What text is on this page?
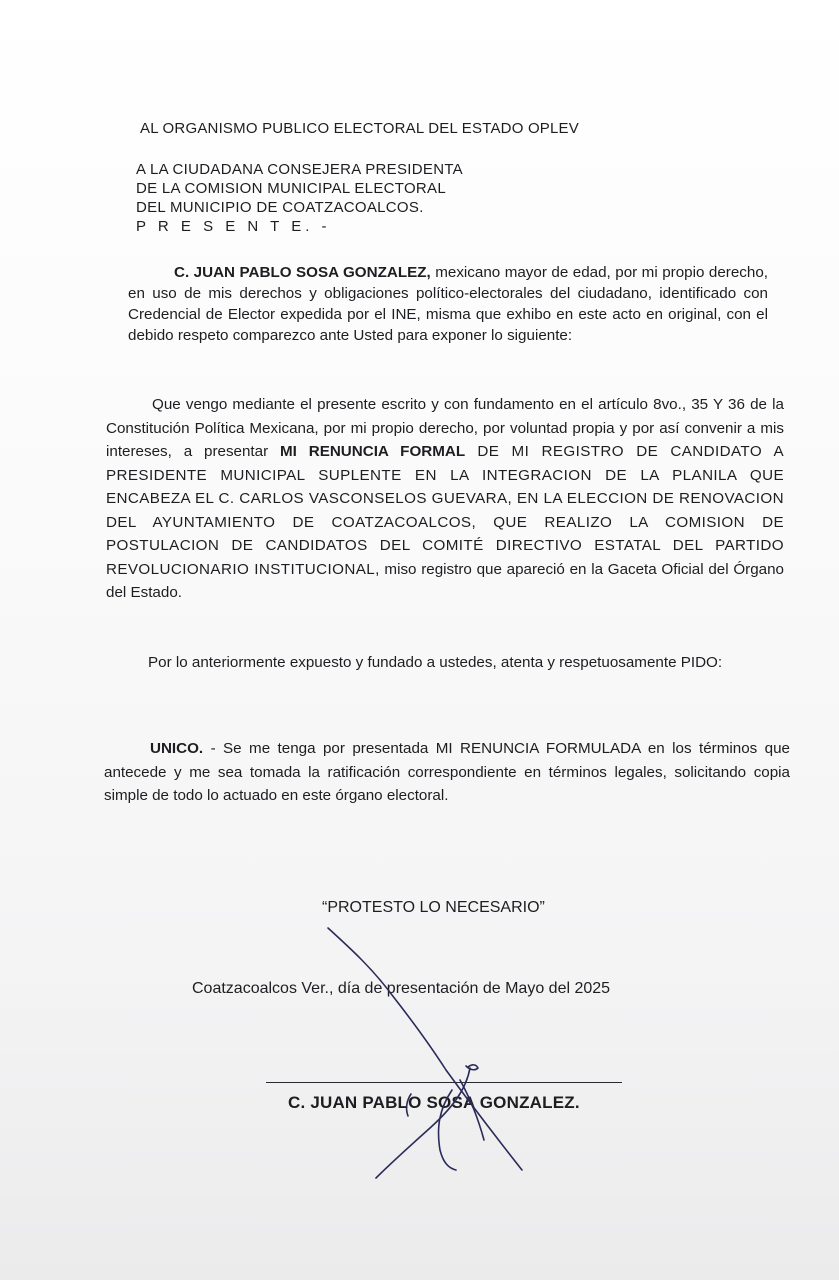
AL ORGANISMO PUBLICO ELECTORAL DEL ESTADO OPLEV
A LA CIUDADANA CONSEJERA PRESIDENTA
DE LA COMISION MUNICIPAL ELECTORAL
DEL MUNICIPIO DE COATZACOALCOS.
P R E S E N T E. -
C. JUAN PABLO SOSA GONZALEZ, mexicano mayor de edad, por mi propio derecho, en uso de mis derechos y obligaciones político-electorales del ciudadano, identificado con Credencial de Elector expedida por el INE, misma que exhibo en este acto en original, con el debido respeto comparezco ante Usted para exponer lo siguiente:
Que vengo mediante el presente escrito y con fundamento en el artículo 8vo., 35 Y 36 de la Constitución Política Mexicana, por mi propio derecho, por voluntad propia y por así convenir a mis intereses, a presentar MI RENUNCIA FORMAL DE MI REGISTRO DE CANDIDATO A PRESIDENTE MUNICIPAL SUPLENTE EN LA INTEGRACION DE LA PLANILA QUE ENCABEZA EL C. CARLOS VASCONSELOS GUEVARA, EN LA ELECCION DE RENOVACION DEL AYUNTAMIENTO DE COATZACOALCOS, QUE REALIZO LA COMISION DE POSTULACION DE CANDIDATOS DEL COMITÉ DIRECTIVO ESTATAL DEL PARTIDO REVOLUCIONARIO INSTITUCIONAL, miso registro que apareció en la Gaceta Oficial del Órgano del Estado.
Por lo anteriormente expuesto y fundado a ustedes, atenta y respetuosamente PIDO:
UNICO. - Se me tenga por presentada MI RENUNCIA FORMULADA en los términos que antecede y me sea tomada la ratificación correspondiente en términos legales, solicitando copia simple de todo lo actuado en este órgano electoral.
“PROTESTO LO NECESARIO”
Coatzacoalcos Ver., día de presentación de Mayo del 2025
C. JUAN PABLO SOSA GONZALEZ.
